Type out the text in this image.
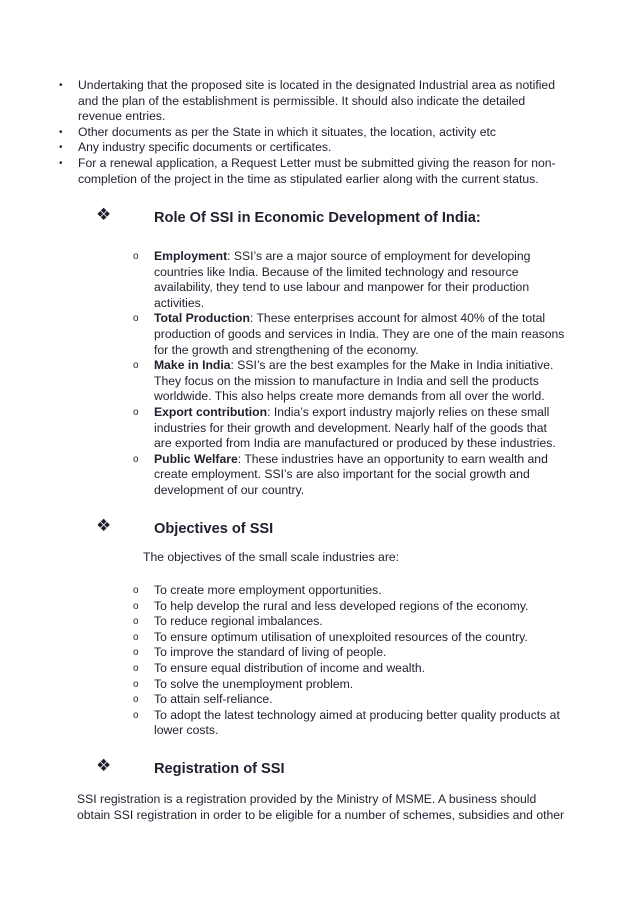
• Undertaking that the proposed site is located in the designated Industrial area as notified and the plan of the establishment is permissible. It should also indicate the detailed revenue entries.
• Other documents as per the State in which it situates, the location, activity etc
• Any industry specific documents or certificates.
• For a renewal application, a Request Letter must be submitted giving the reason for non-completion of the project in the time as stipulated earlier along with the current status.
❖	Role Of SSI in Economic Development of India:
o Employment: SSI’s are a major source of employment for developing countries like India. Because of the limited technology and resource availability, they tend to use labour and manpower for their production activities.
o Total Production: These enterprises account for almost 40% of the total production of goods and services in India. They are one of the main reasons for the growth and strengthening of the economy.
o Make in India: SSI’s are the best examples for the Make in India initiative. They focus on the mission to manufacture in India and sell the products worldwide. This also helps create more demands from all over the world.
o Export contribution: India’s export industry majorly relies on these small industries for their growth and development. Nearly half of the goods that are exported from India are manufactured or produced by these industries.
o Public Welfare: These industries have an opportunity to earn wealth and create employment. SSI’s are also important for the social growth and development of our country.
❖	Objectives of SSI
The objectives of the small scale industries are:
o To create more employment opportunities.
o To help develop the rural and less developed regions of the economy.
o To reduce regional imbalances.
o To ensure optimum utilisation of unexploited resources of the country.
o To improve the standard of living of people.
o To ensure equal distribution of income and wealth.
o To solve the unemployment problem.
o To attain self-reliance.
o To adopt the latest technology aimed at producing better quality products at lower costs.
❖	Registration of SSI
SSI registration is a registration provided by the Ministry of MSME. A business should obtain SSI registration in order to be eligible for a number of schemes, subsidies and other
